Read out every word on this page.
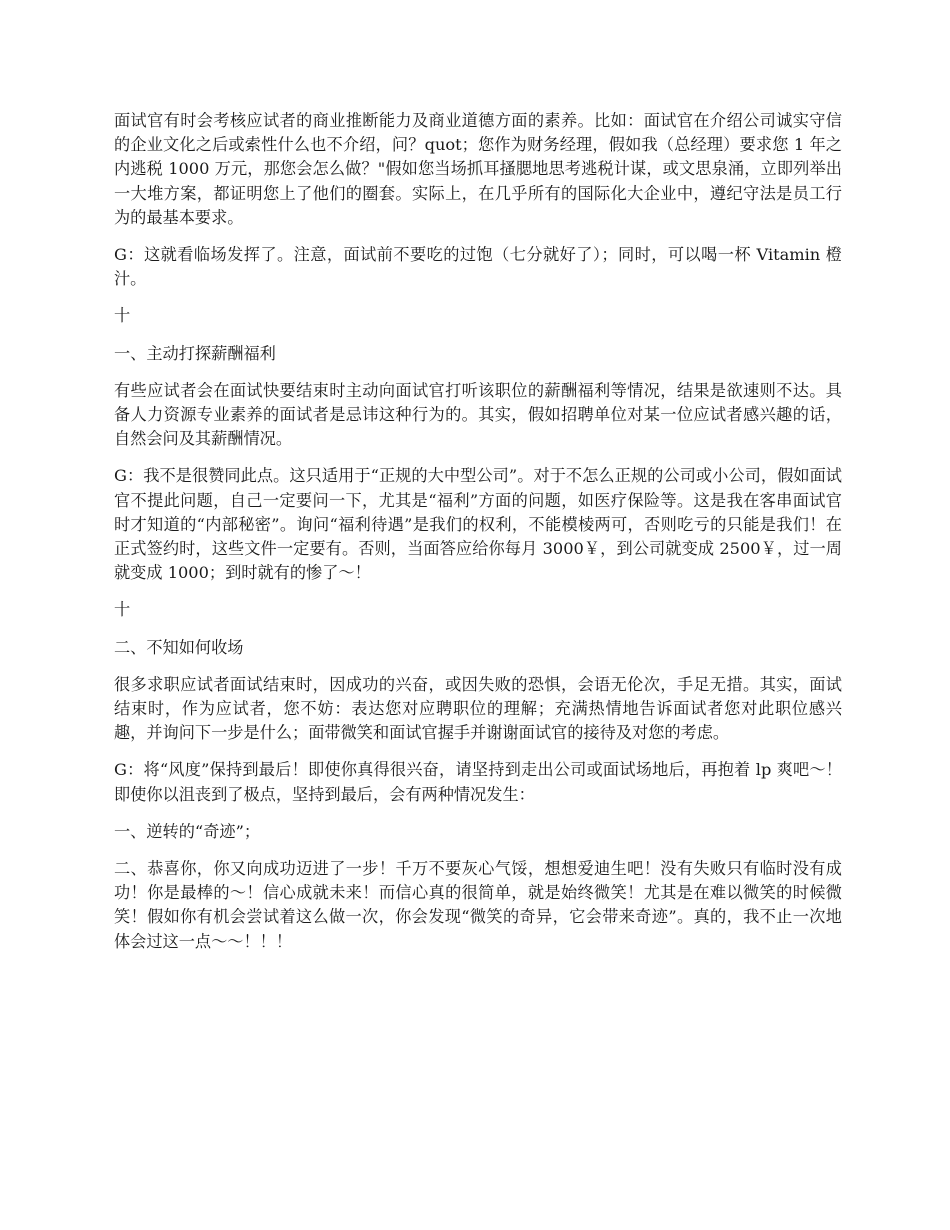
面试官有时会考核应试者的商业推断能力及商业道德方面的素养。比如：面试官在介绍公司诚实守信的企业文化之后或索性什么也不介绍，问？quot；您作为财务经理，假如我（总经理）要求您 1 年之内逃税 1000 万元，那您会怎么做？"假如您当场抓耳搔腮地思考逃税计谋，或文思泉涌，立即列举出一大堆方案，都证明您上了他们的圈套。实际上，在几乎所有的国际化大企业中，遵纪守法是员工行为的最基本要求。

G：这就看临场发挥了。注意，面试前不要吃的过饱（七分就好了）；同时，可以喝一杯 Vitamin 橙汁。

十

一、主动打探薪酬福利

有些应试者会在面试快要结束时主动向面试官打听该职位的薪酬福利等情况，结果是欲速则不达。具备人力资源专业素养的面试者是忌讳这种行为的。其实，假如招聘单位对某一位应试者感兴趣的话，自然会问及其薪酬情况。

G：我不是很赞同此点。这只适用于“正规的大中型公司”。对于不怎么正规的公司或小公司，假如面试官不提此问题，自己一定要问一下，尤其是“福利”方面的问题，如医疗保险等。这是我在客串面试官时才知道的“内部秘密”。询问“福利待遇”是我们的权利，不能模棱两可，否则吃亏的只能是我们！在正式签约时，这些文件一定要有。否则，当面答应给你每月 3000￥，到公司就变成 2500￥，过一周就变成 1000；到时就有的惨了～！

十

二、不知如何收场

很多求职应试者面试结束时，因成功的兴奋，或因失败的恐惧，会语无伦次，手足无措。其实，面试结束时，作为应试者，您不妨：表达您对应聘职位的理解；充满热情地告诉面试者您对此职位感兴趣，并询问下一步是什么；面带微笑和面试官握手并谢谢面试官的接待及对您的考虑。

G：将“风度”保持到最后！即使你真得很兴奋，请坚持到走出公司或面试场地后，再抱着 lp 爽吧～！即使你以沮丧到了极点，坚持到最后，会有两种情况发生：

一、逆转的“奇迹”；

二、恭喜你，你又向成功迈进了一步！千万不要灰心气馁，想想爱迪生吧！没有失败只有临时没有成功！你是最棒的～！信心成就未来！而信心真的很简单，就是始终微笑！尤其是在难以微笑的时候微笑！假如你有机会尝试着这么做一次，你会发现“微笑的奇异，它会带来奇迹”。真的，我不止一次地体会过这一点～～！！！
